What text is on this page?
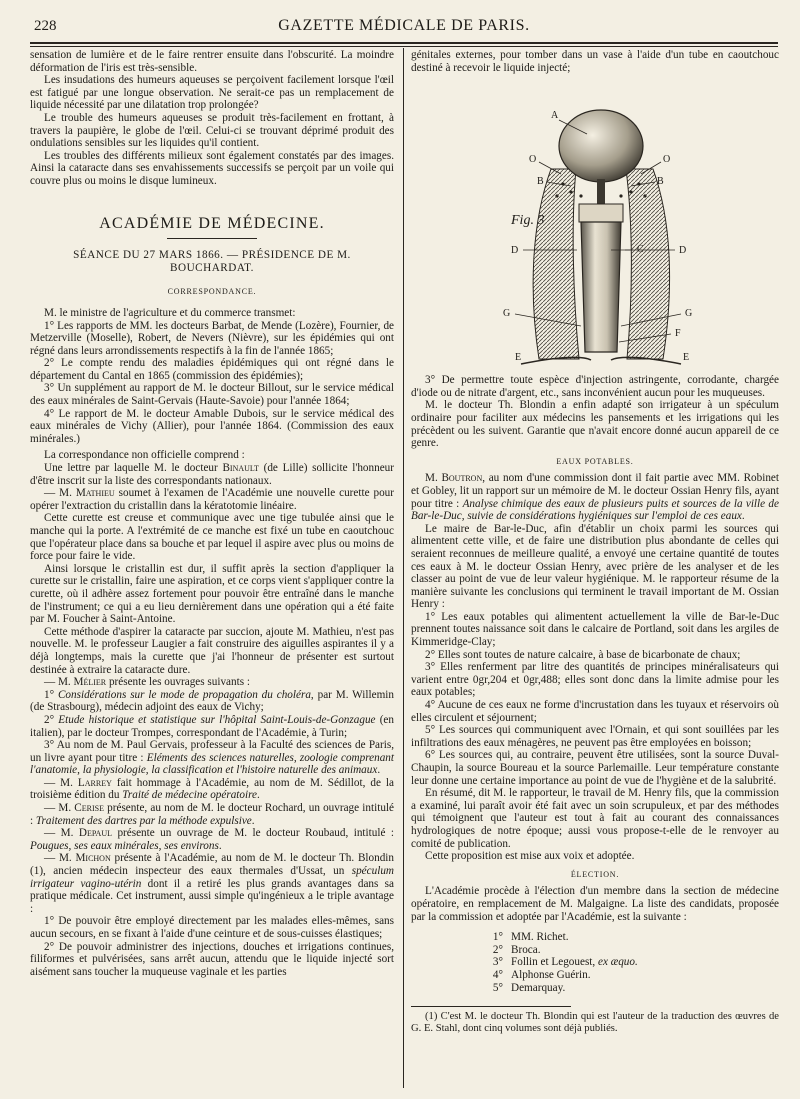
228	GAZETTE MÉDICALE DE PARIS.

sensation de lumière et de le faire rentrer ensuite dans l'obscurité. La moindre déformation de l'iris est très-sensible.

Les insudations des humeurs aqueuses se perçoivent facilement lorsque l'œil est fatigué par une longue observation. Ne serait-ce pas un remplacement de liquide nécessité par une dilatation trop prolongée?

Le trouble des humeurs aqueuses se produit très-facilement en frottant, à travers la paupière, le globe de l'œil. Celui-ci se trouvant déprimé produit des ondulations sensibles sur les liquides qu'il contient.

Les troubles des différents milieux sont également constatés par des images. Ainsi la cataracte dans ses envahissements successifs se perçoit par un voile qui couvre plus ou moins le disque lumineux.

ACADÉMIE DE MÉDECINE.
SÉANCE DU 27 MARS 1866. — PRÉSIDENCE DE M. BOUCHARDAT.
CORRESPONDANCE.

M. le ministre de l'agriculture et du commerce transmet:

1° Les rapports de MM. les docteurs Barbat, de Mende (Lozère), Fournier, de Metzerville (Moselle), Robert, de Nevers (Nièvre), sur les épidémies qui ont régné dans leurs arrondissements respectifs à la fin de l'année 1865;

2° Le compte rendu des maladies épidémiques qui ont régné dans le département du Cantal en 1865 (commission des épidémies);

3° Un supplément au rapport de M. le docteur Billout, sur le service médical des eaux minérales de Saint-Gervais (Haute-Savoie) pour l'année 1864;

4° Le rapport de M. le docteur Amable Dubois, sur le service médical des eaux minérales de Vichy (Allier), pour l'année 1864. (Commission des eaux minérales.)

La correspondance non officielle comprend :

Une lettre par laquelle M. le docteur Binault (de Lille) sollicite l'honneur d'être inscrit sur la liste des correspondants nationaux.

— M. Mathieu soumet à l'examen de l'Académie une nouvelle curette pour opérer l'extraction du cristallin dans la kératotomie linéaire.

Cette curette est creuse et communique avec une tige tubulée ainsi que le manche qui la porte. A l'extrémité de ce manche est fixé un tube en caoutchouc que l'opérateur place dans sa bouche et par lequel il aspire avec plus ou moins de force pour faire le vide.

Ainsi lorsque le cristallin est dur, il suffit après la section d'appliquer la curette sur le cristallin, faire une aspiration, et ce corps vient s'appliquer contre la curette, où il adhère assez fortement pour pouvoir être entraîné dans le manche de l'instrument; ce qui a eu lieu dernièrement dans une opération qui a été faite par M. Foucher à Saint-Antoine.

Cette méthode d'aspirer la cataracte par succion, ajoute M. Mathieu, n'est pas nouvelle. M. le professeur Laugier a fait construire des aiguilles aspirantes il y a déjà longtemps, mais la curette que j'ai l'honneur de présenter est surtout destinée à extraire la cataracte dure.

— M. Mélier présente les ouvrages suivants :

1° Considérations sur le mode de propagation du choléra, par M. Willemin (de Strasbourg), médecin adjoint des eaux de Vichy;

2° Etude historique et statistique sur l'hôpital Saint-Louis-de-Gonzague (en italien), par le docteur Trompes, correspondant de l'Académie, à Turin;

3° Au nom de M. Paul Gervais, professeur à la Faculté des sciences de Paris, un livre ayant pour titre : Eléments des sciences naturelles, zoologie comprenant l'anatomie, la physiologie, la classification et l'histoire naturelle des animaux.

— M. Larrey fait hommage à l'Académie, au nom de M. Sédillot, de la troisième édition du Traité de médecine opératoire.

— M. Cerise présente, au nom de M. le docteur Rochard, un ouvrage intitulé : Traitement des dartres par la méthode expulsive.

— M. Depaul présente un ouvrage de M. le docteur Roubaud, intitulé : Pougues, ses eaux minérales, ses environs.

— M. Michon présente à l'Académie, au nom de M. le docteur Th. Blondin (1), ancien médecin inspecteur des eaux thermales d'Ussat, un spéculum irrigateur vagino-utérin dont il a retiré les plus grands avantages dans sa pratique médicale. Cet instrument, aussi simple qu'ingénieux a le triple avantage :

1° De pouvoir être employé directement par les malades elles-mêmes, sans aucun secours, en se fixant à l'aide d'une ceinture et de sous-cuisses élastiques;

2° De pouvoir administrer des injections, douches et irrigations continues, filiformes et pulvérisées, sans arrêt aucun, attendu que le liquide injecté sort aisément sans toucher la muqueuse vaginale et les parties

génitales externes, pour tomber dans un vase à l'aide d'un tube en caoutchouc destiné à recevoir le liquide injecté;

A
O	O
B	B
C
D	D
G	G
F
E	E
Fig. 3

3° De permettre toute espèce d'injection astringente, corrodante, chargée d'iode ou de nitrate d'argent, etc., sans inconvénient aucun pour les muqueuses.

M. le docteur Th. Blondin a enfin adapté son irrigateur à un spéculum ordinaire pour faciliter aux médecins les pansements et les irrigations qui les précèdent ou les suivent. Garantie que n'avait encore donné aucun appareil de ce genre.

EAUX POTABLES.

M. Boutron, au nom d'une commission dont il fait partie avec MM. Robinet et Gobley, lit un rapport sur un mémoire de M. le docteur Ossian Henry fils, ayant pour titre : Analyse chimique des eaux de plusieurs puits et sources de la ville de Bar-le-Duc, suivie de considérations hygiéniques sur l'emploi de ces eaux.

Le maire de Bar-le-Duc, afin d'établir un choix parmi les sources qui alimentent cette ville, et de faire une distribution plus abondante de celles qui seraient reconnues de meilleure qualité, a envoyé une certaine quantité de toutes ces eaux à M. le docteur Ossian Henry, avec prière de les analyser et de les classer au point de vue de leur valeur hygiénique. M. le rapporteur résume de la manière suivante les conclusions qui terminent le travail important de M. Ossian Henry :

1° Les eaux potables qui alimentent actuellement la ville de Bar-le-Duc prennent toutes naissance soit dans le calcaire de Portland, soit dans les argiles de Kimmeridge-Clay;

2° Elles sont toutes de nature calcaire, à base de bicarbonate de chaux;

3° Elles renferment par litre des quantités de principes minéralisateurs qui varient entre 0gr,204 et 0gr,488; elles sont donc dans la limite admise pour les eaux potables;

4° Aucune de ces eaux ne forme d'incrustation dans les tuyaux et réservoirs où elles circulent et séjournent;

5° Les sources qui communiquent avec l'Ornain, et qui sont souillées par les infiltrations des eaux ménagères, ne peuvent pas être employées en boisson;

6° Les sources qui, au contraire, peuvent être utilisées, sont la source Duval-Chaupin, la source Boureau et la source Parlemaille. Leur température constante leur donne une certaine importance au point de vue de l'hygiène et de la salubrité.

En résumé, dit M. le rapporteur, le travail de M. Henry fils, que la commission a examiné, lui paraît avoir été fait avec un soin scrupuleux, et par des méthodes qui témoignent que l'auteur est tout à fait au courant des connaissances hydrologiques de notre époque; aussi vous propose-t-elle de le renvoyer au comité de publication.

Cette proposition est mise aux voix et adoptée.

ÉLECTION.

L'Académie procède à l'élection d'un membre dans la section de médecine opératoire, en remplacement de M. Malgaigne. La liste des candidats, proposée par la commission et adoptée par l'Académie, est la suivante :

1° MM. Richet.
2° Broca.
3° Follin et Legouest,
ex æquo.
4° Alphonse Guérin.
5° Demarquay.

(1) C'est M. le docteur Th. Blondin qui est l'auteur de la traduction des œuvres de G. E. Stahl, dont cinq volumes sont déjà publiés.
